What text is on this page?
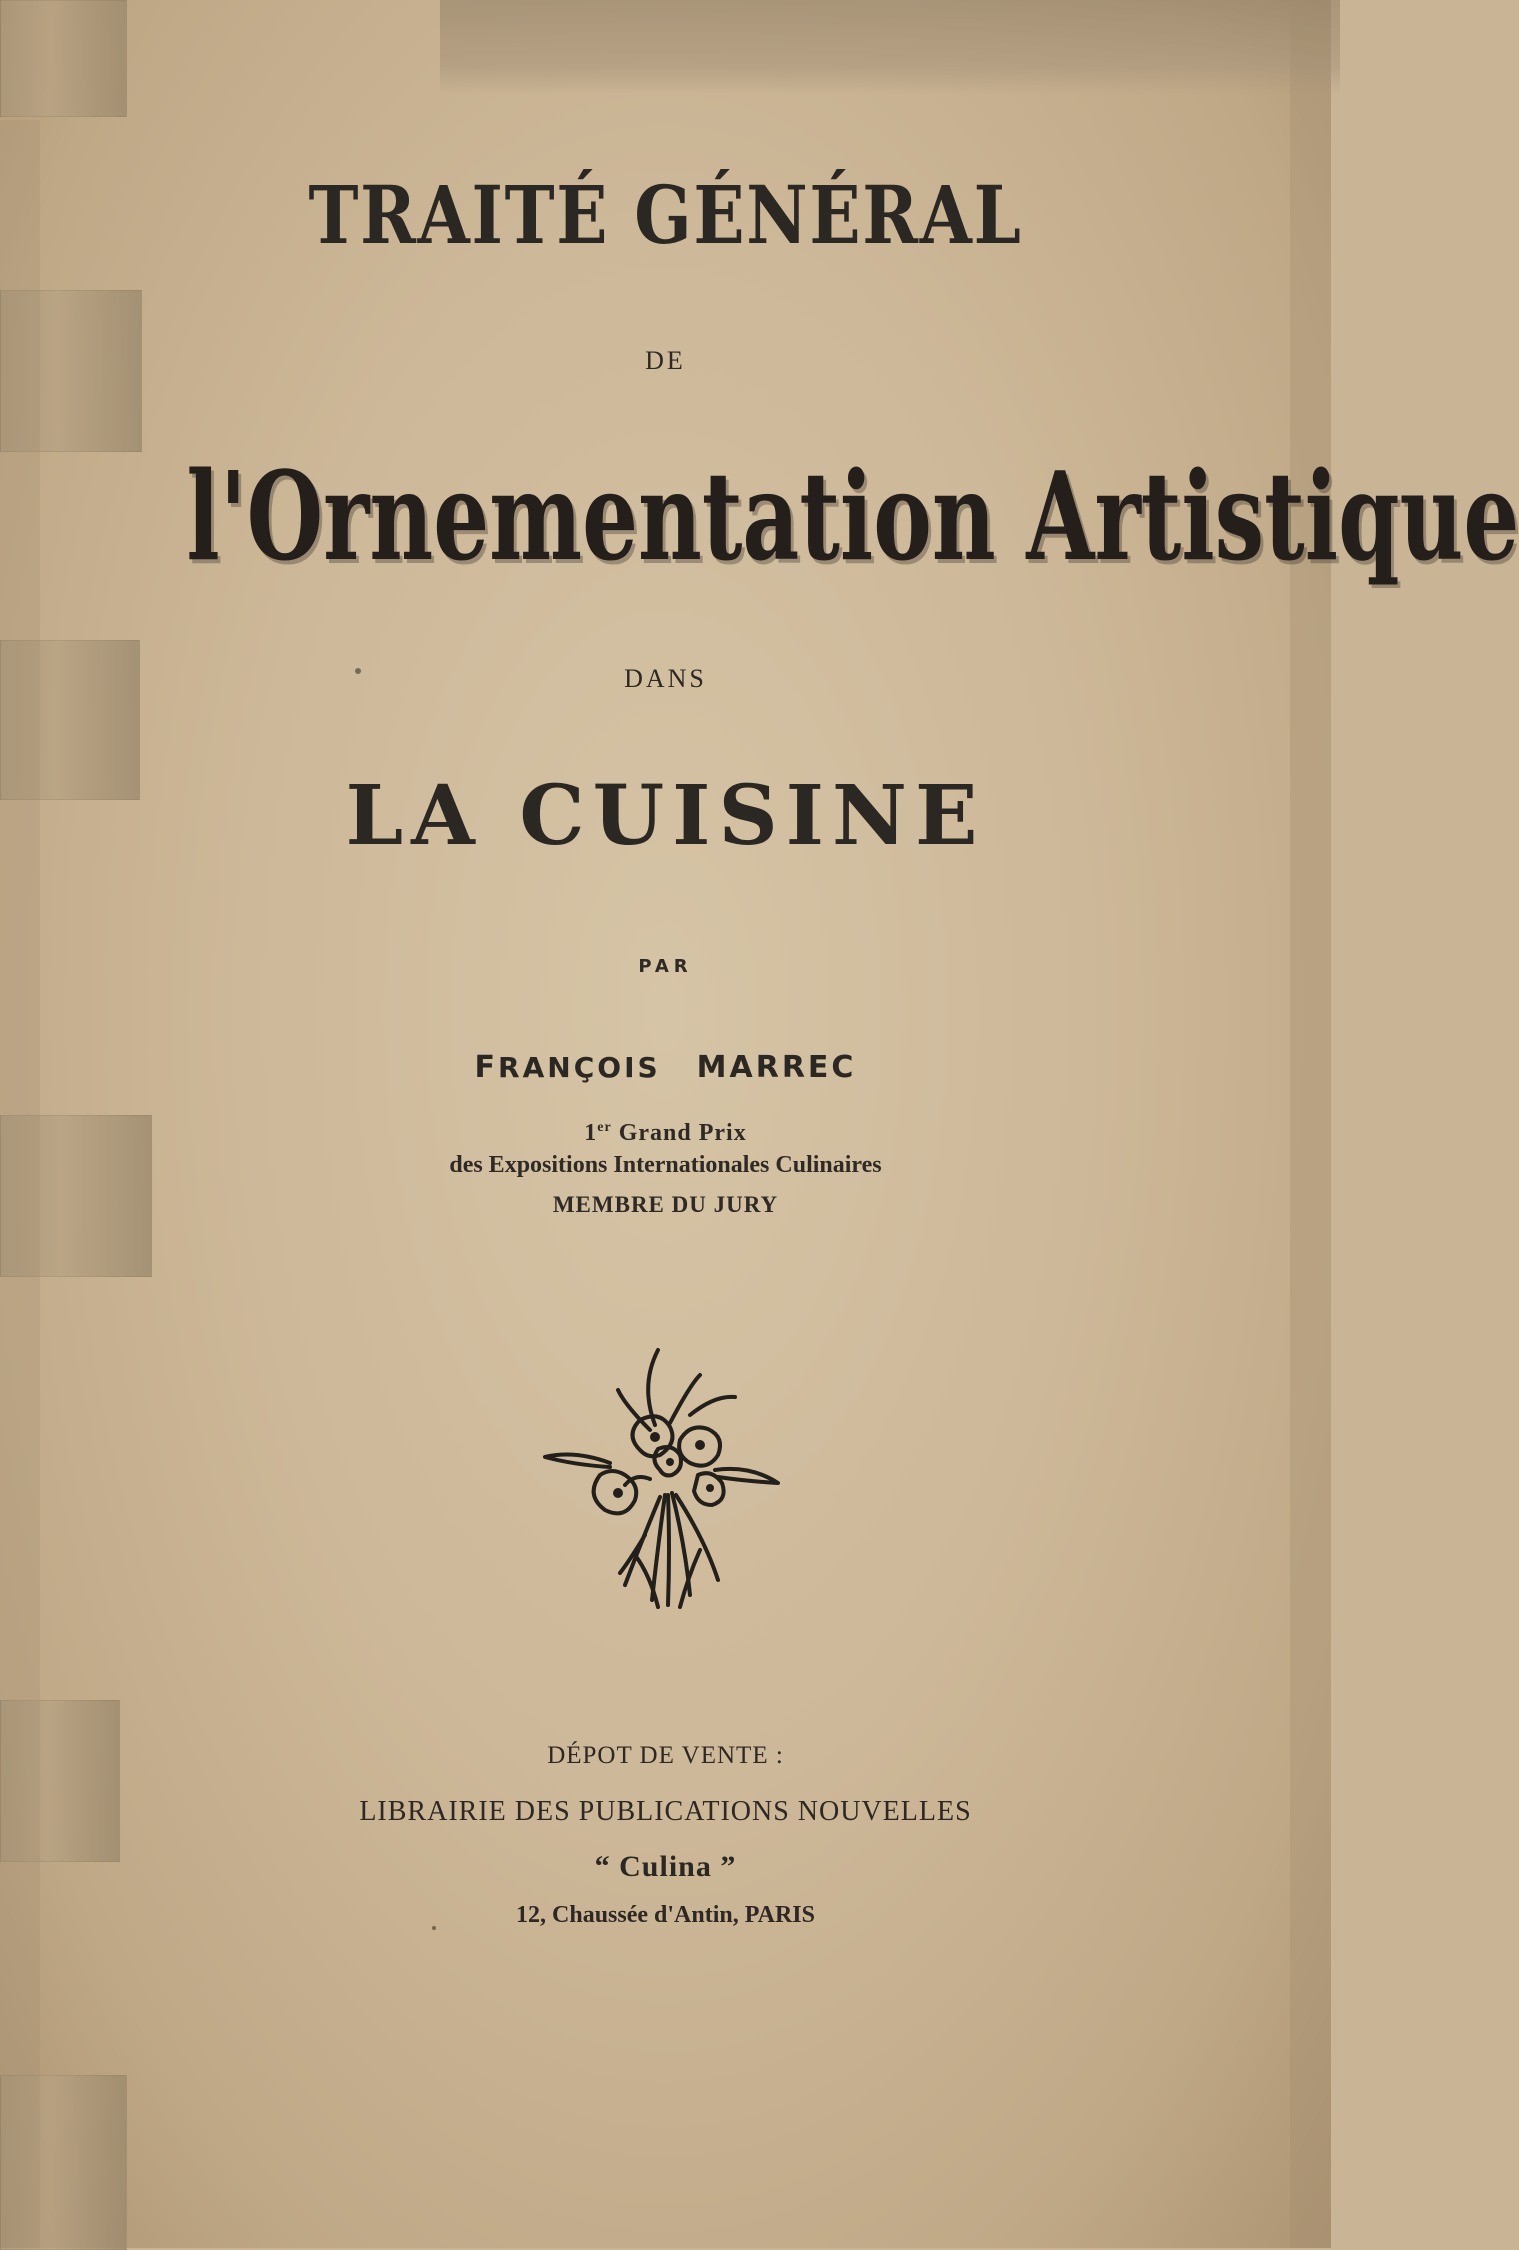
TRAITÉ GÉNÉRAL
DE
l'Ornementation Artistique
DANS
LA CUISINE
PAR
FRANÇOIS MARREC
1er Grand Prix
des Expositions Internationales Culinaires
MEMBRE DU JURY
DÉPOT DE VENTE :
LIBRAIRIE DES PUBLICATIONS NOUVELLES
“ Culina ”
12, Chaussée d'Antin, PARIS
